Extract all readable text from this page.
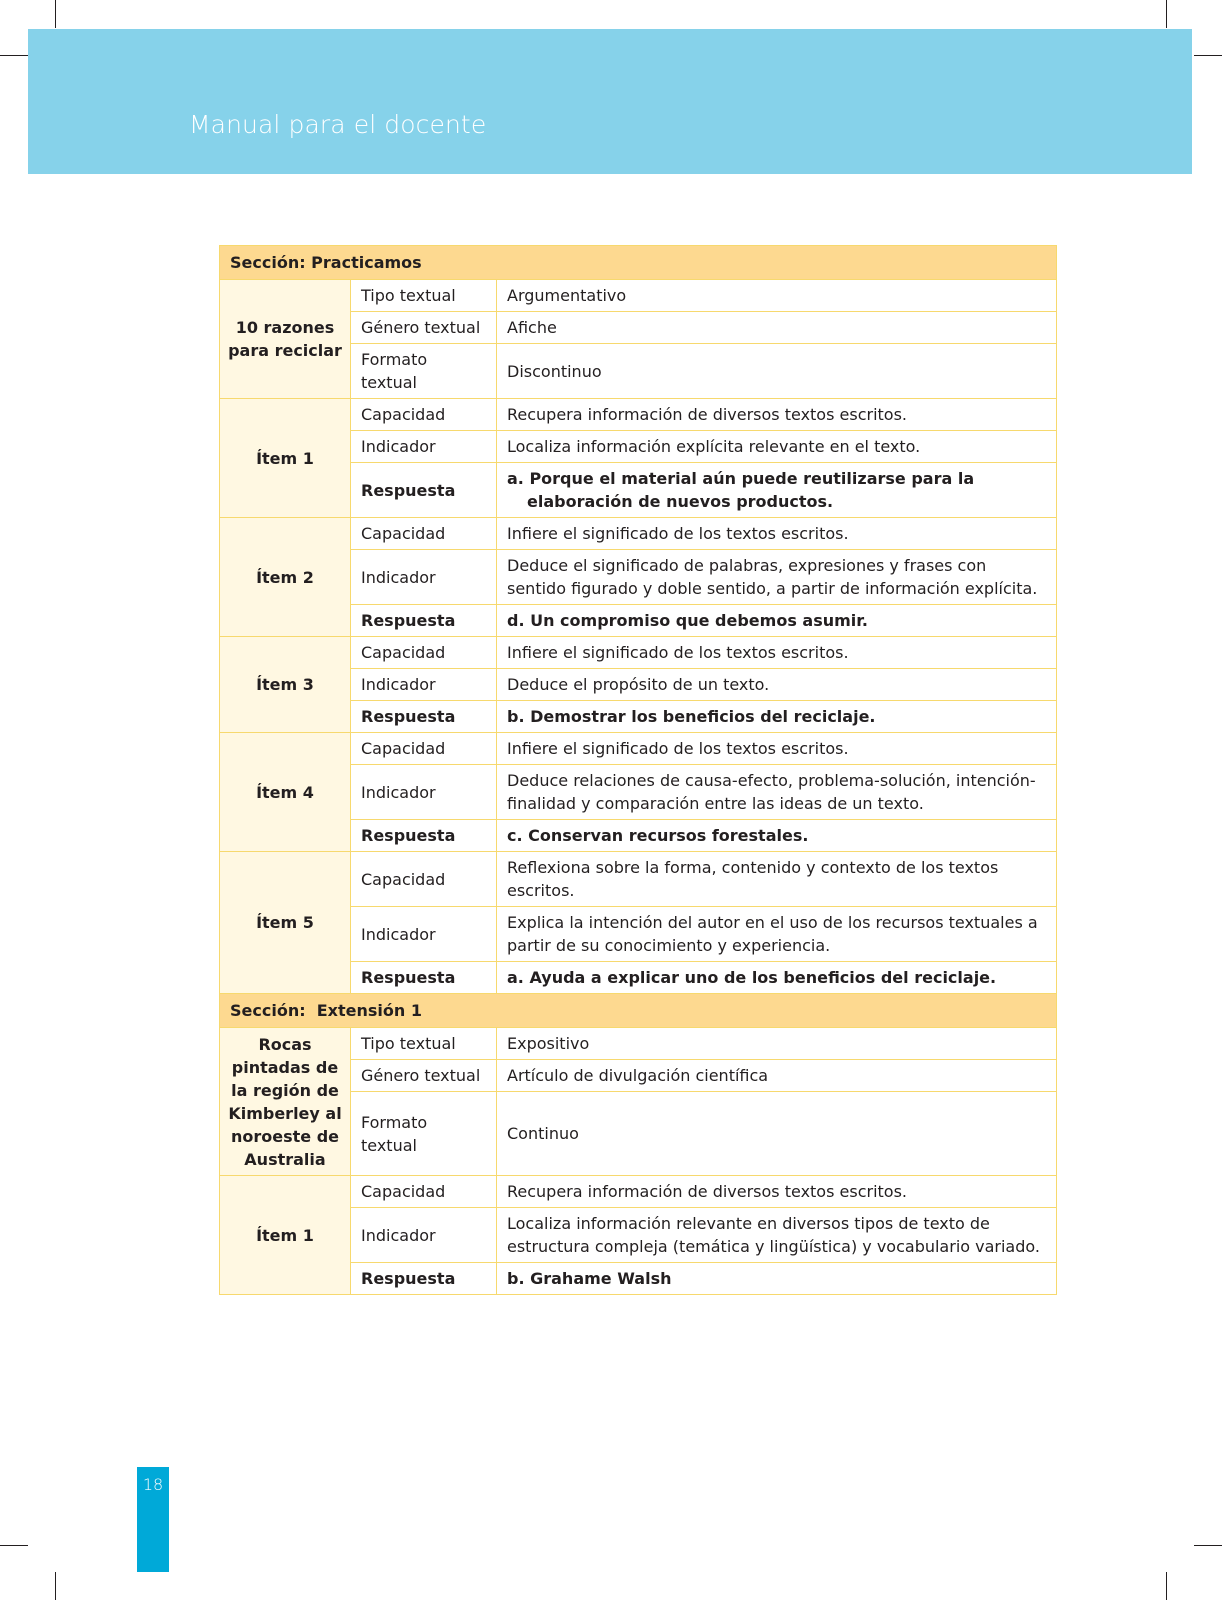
Manual para el docente
Sección: Practicamos		
10 razones para reciclar	Tipo textual	Argumentativo
	Género textual	Afiche
	Formato textual	Discontinuo
Ítem 1	Capacidad	Recupera información de diversos textos escritos.
	Indicador	Localiza información explícita relevante en el texto.
	Respuesta	a. Porque el material aún puede reutilizarse para la elaboración de nuevos productos.

Ítem 2	Capacidad	Infiere el significado de los textos escritos.
	Indicador	Deduce el significado de palabras, expresiones y frases con sentido figurado y doble sentido, a partir de información explícita.
	Respuesta	d. Un compromiso que debemos asumir.
Ítem 3	Capacidad	Infiere el significado de los textos escritos.
	Indicador	Deduce el propósito de un texto.
	Respuesta	b. Demostrar los beneficios del reciclaje.
Ítem 4	Capacidad	Infiere el significado de los textos escritos.
	Indicador	Deduce relaciones de causa-efecto, problema-solución, intención-finalidad y comparación entre las ideas de un texto.
	Respuesta	c. Conservan recursos forestales.
Ítem 5	Capacidad	Reflexiona sobre la forma, contenido y contexto de los textos escritos.
	Indicador	Explica la intención del autor en el uso de los recursos textuales a partir de su conocimiento y experiencia.
	Respuesta	a. Ayuda a explicar uno de los beneficios del reciclaje.
Sección:  Extensión 1		
Rocas pintadas de la región de Kimberley al noroeste de Australia	Tipo textual	Expositivo
	Género textual	Artículo de divulgación científica
	Formato textual	Continuo
Ítem 1	Capacidad	Recupera información de diversos textos escritos.
	Indicador	Localiza información relevante en diversos tipos de texto de estructura compleja (temática y lingüística) y vocabulario variado.
	Respuesta	b. Grahame Walsh
18
